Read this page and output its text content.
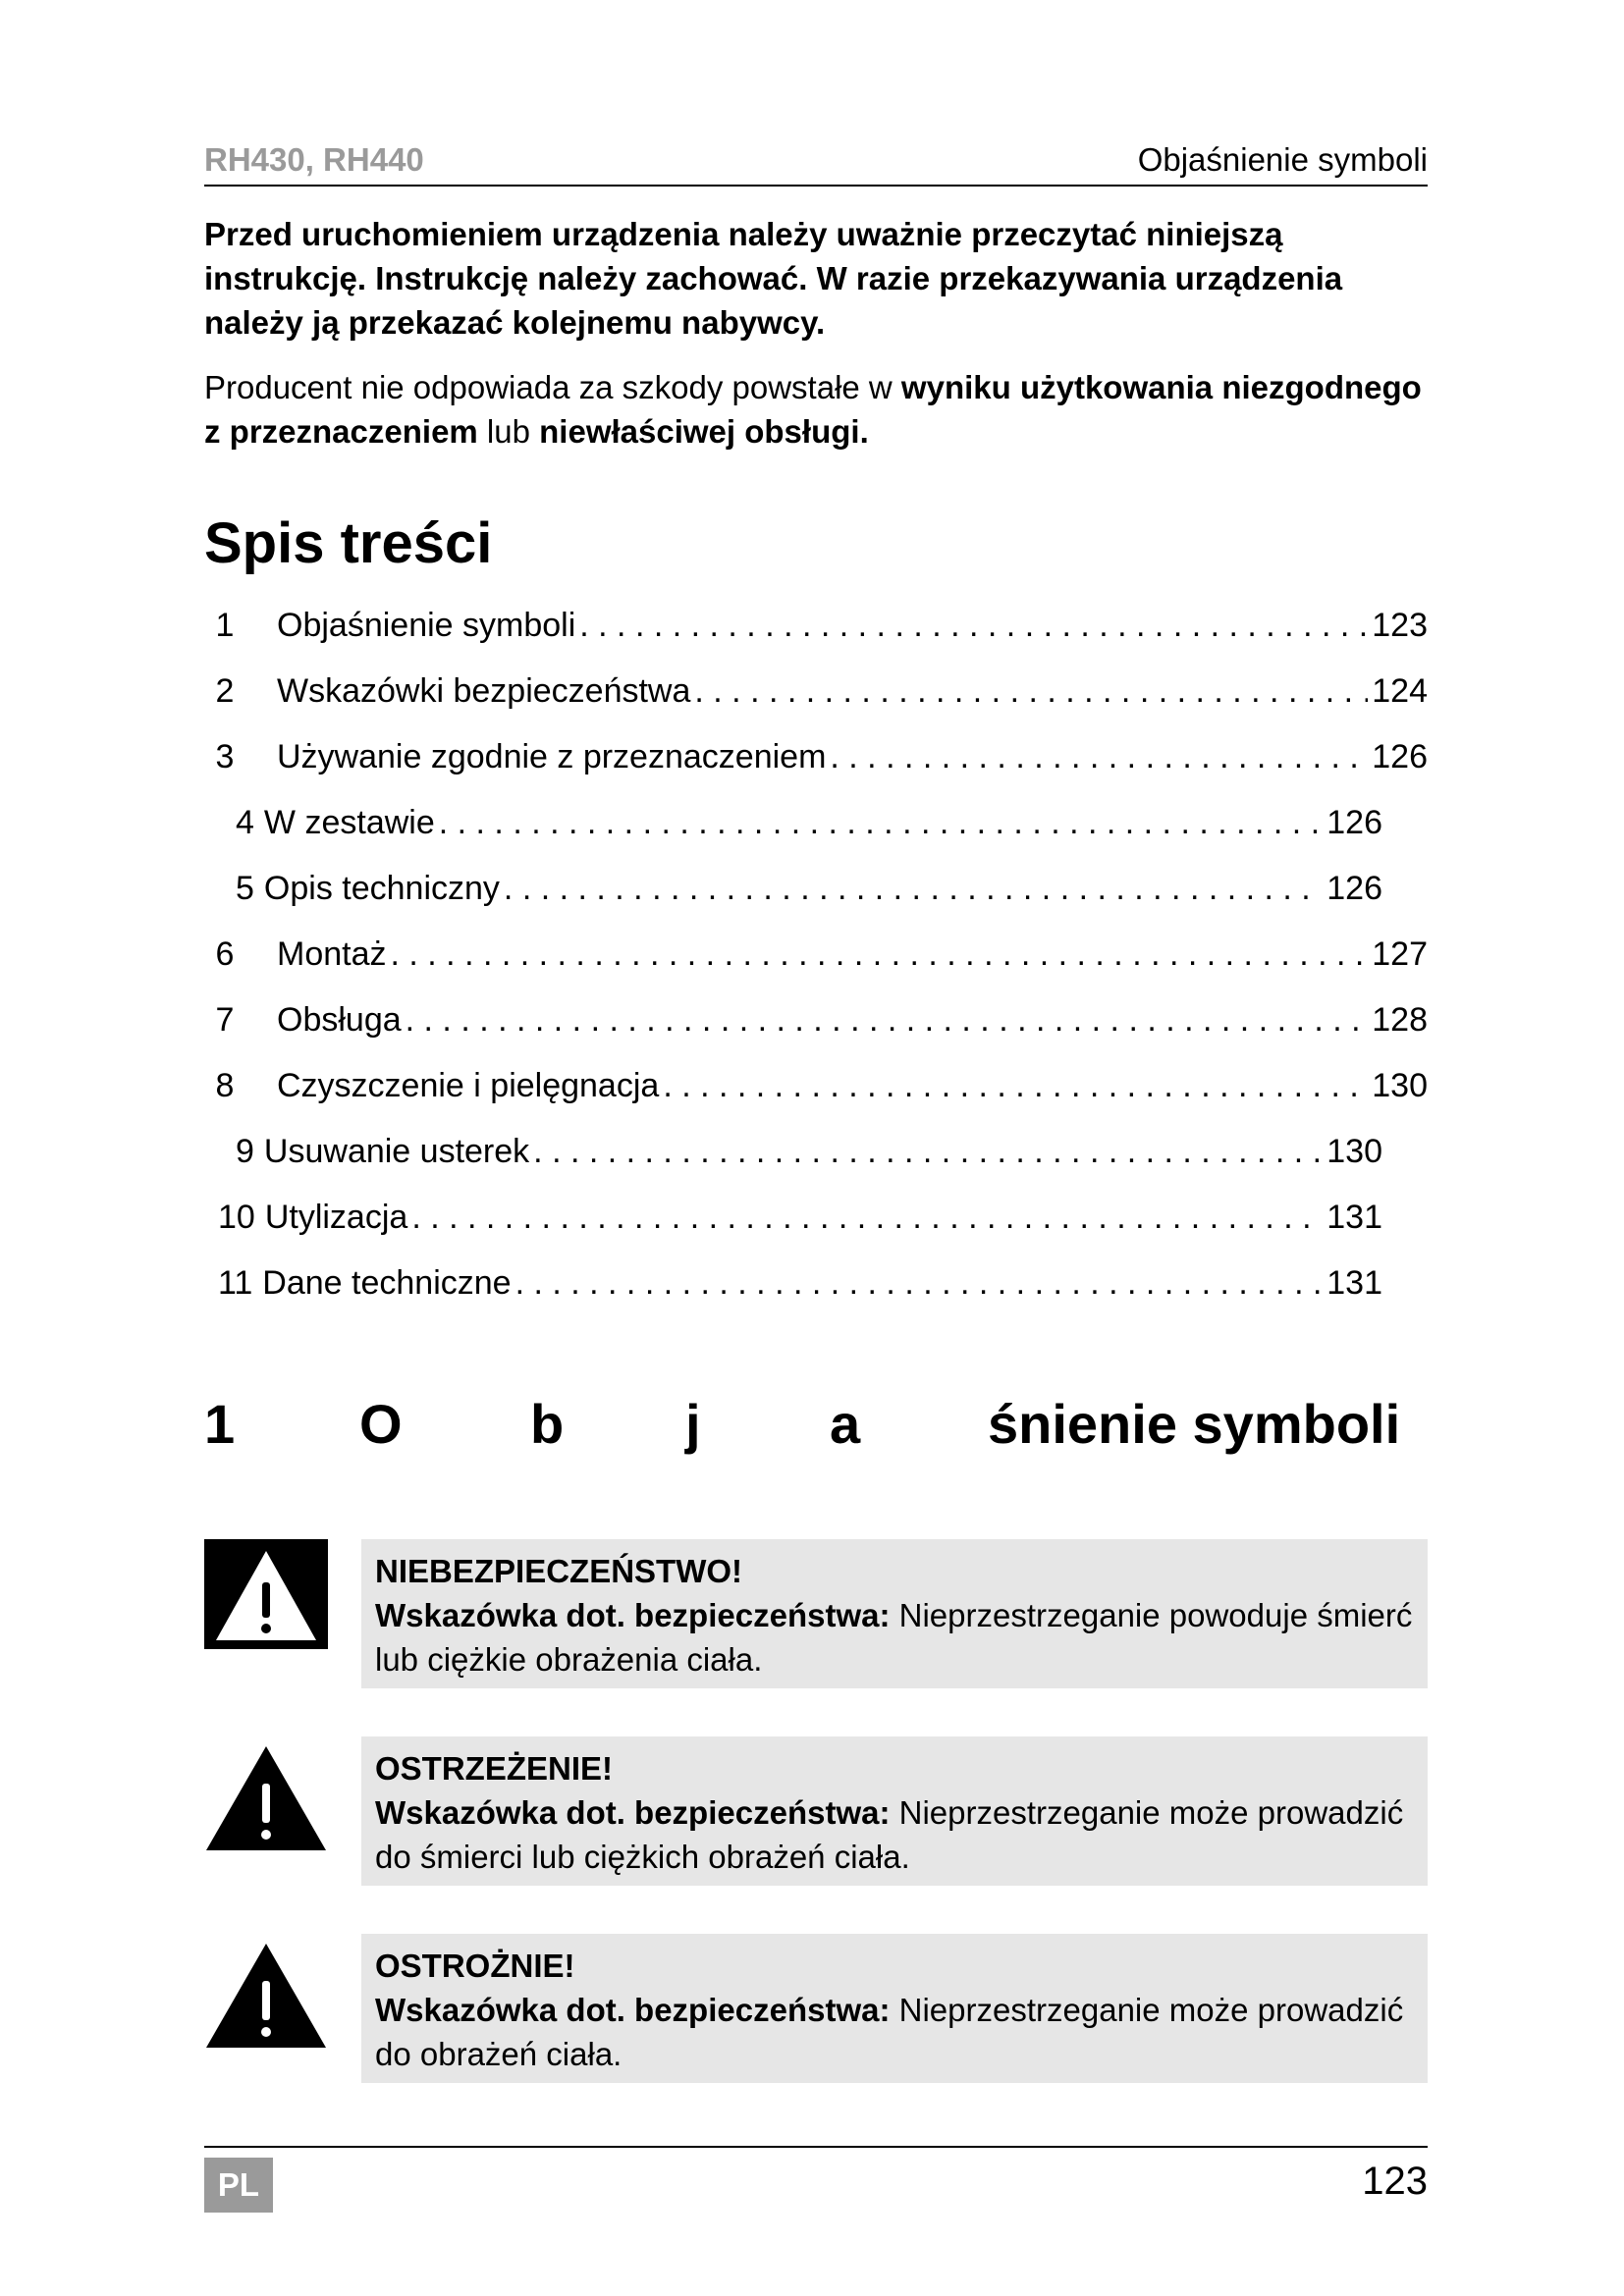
RH430, RH440	Objaśnienie symboli

Przed uruchomieniem urządzenia należy uważnie przeczytać niniejszą instrukcję. Instrukcję należy zachować. W razie przekazywania urządzenia należy ją przekazać kolejnemu nabywcy.

Producent nie odpowiada za szkody powstałe w wyniku użytkowania niezgodnego z przeznaczeniem lub niewłaściwej obsługi.

Spis treści
1	Objaśnienie symboli . . .	123
2	Wskazówki bezpieczeństwa . . .	124
3	Używanie zgodnie z przeznaczeniem . . .	126
4 W zestawie . . .	126
5 Opis techniczny . . .	126
6	Montaż . . .	127
7	Obsługa . . .	128
8	Czyszczenie i pielęgnacja . . .	130
9 Usuwanie usterek . . .	130
10 Utylizacja . . .	131
11 Dane techniczne . . .	131
1 O b j a śnienie symboli
NIEBEZPIECZEŃSTWO!
Wskazówka dot. bezpieczeństwa: Nieprzestrzeganie powoduje śmierć lub ciężkie obrażenia ciała.
OSTRZEŻENIE!
Wskazówka dot. bezpieczeństwa: Nieprzestrzeganie może prowadzić do śmierci lub ciężkich obrażeń ciała.
OSTROŻNIE!
Wskazówka dot. bezpieczeństwa: Nieprzestrzeganie może prowadzić do obrażeń ciała.
PL	123
